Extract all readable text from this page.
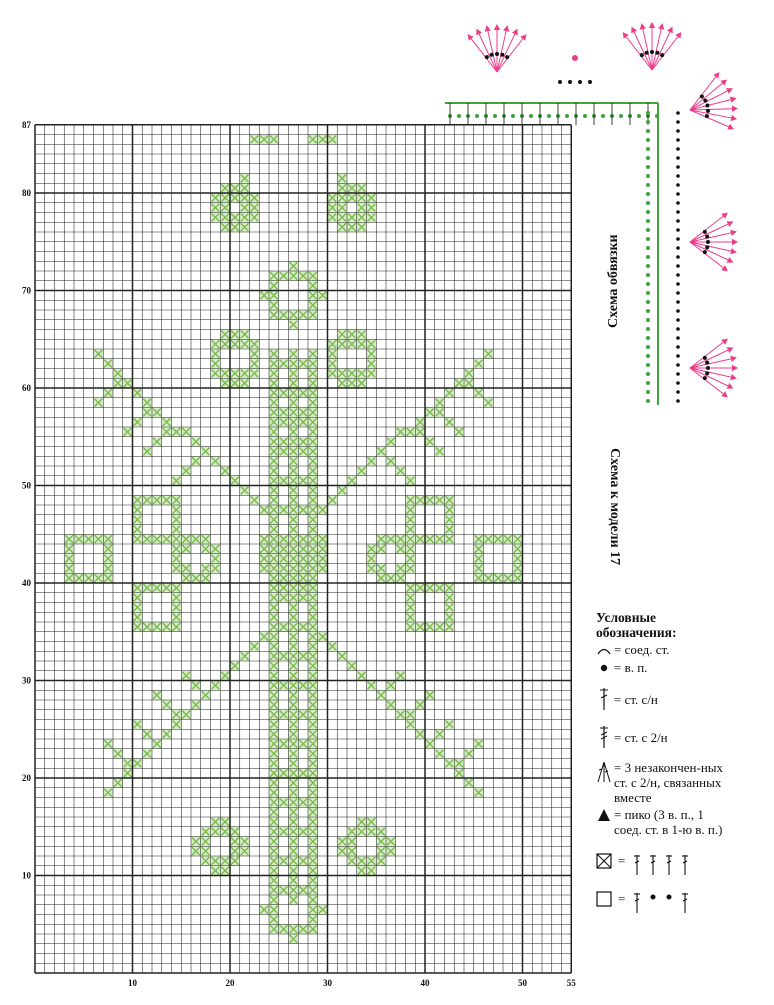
10	20	30	40	50	55
10
20
30
40
50
60
70
80
87
Схема обвязки
Схема к модели 17
Условные
обозначения:
= соед. ст.
= в. п.
= ст. с/н
= ст. с 2/н
= 3 незакончен-ных ст. с 2/н, связанных вместе
= пико (3 в. п., 1 соед. ст. в 1-ю в. п.)
=
=
